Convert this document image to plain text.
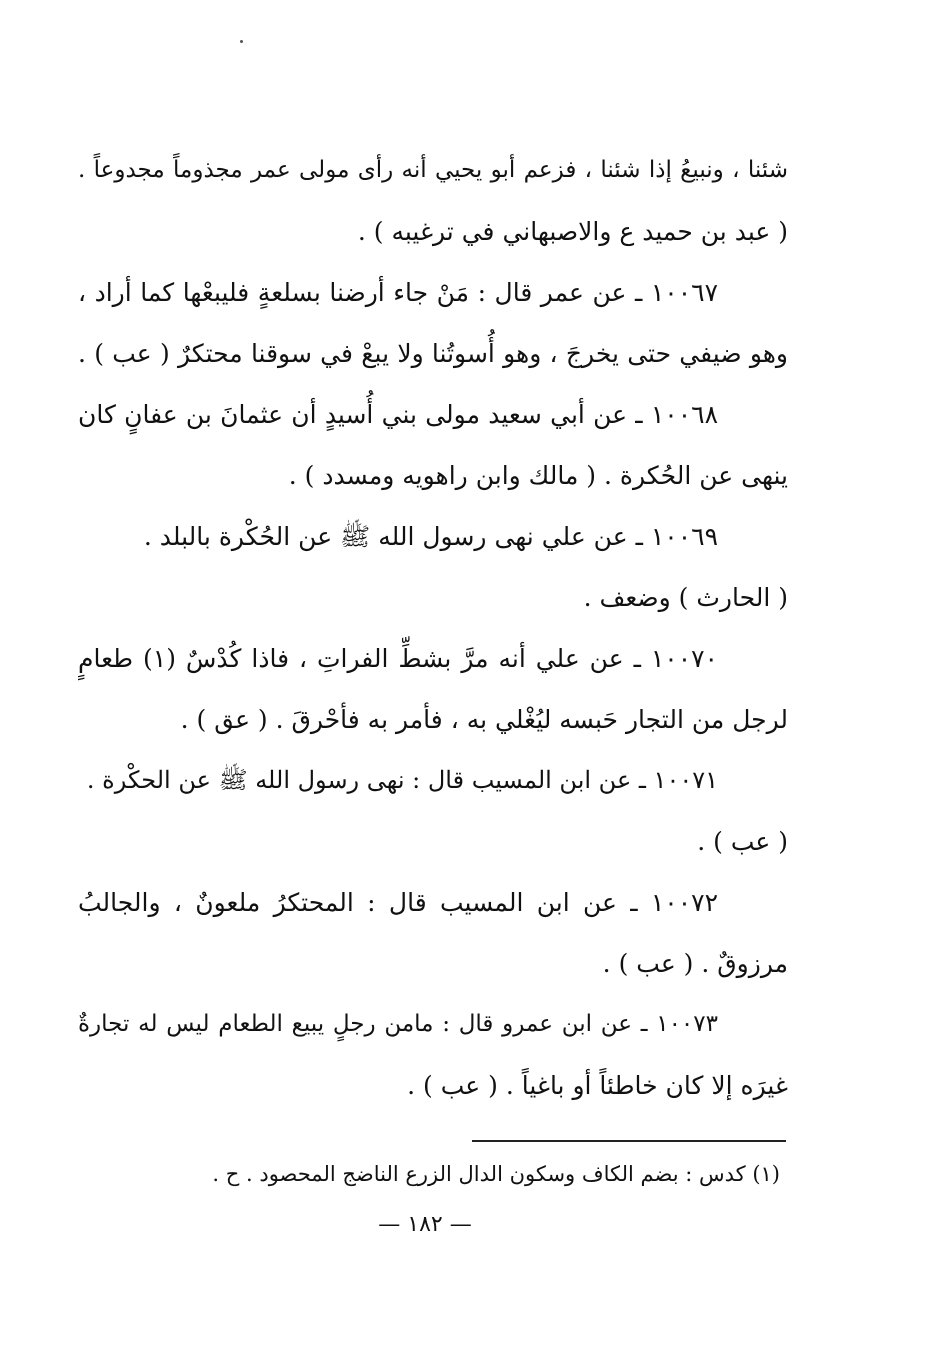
شئنا ، ونبيعُ إذا شئنا ، فزعم أبو يحيي أنه رأى مولى عمر مجذوماً مجدوعاً .
( عبد بن حميد ع والاصبهاني في ترغيبه ) .
١٠٠٦٧ ـ عن عمر قال : مَنْ جاء أرضنا بسلعةٍ فليبعْها كما أراد ،
وهو ضيفي حتى يخرجَ ، وهو أُسوتُنا ولا يبعْ في سوقنا محتكرٌ ( عب ) .
١٠٠٦٨ ـ عن أبي سعيد مولى بني أُسيدٍ أن عثمانَ بن عفانٍ كان
ينهى عن الحُكرة . ( مالك وابن راهويه ومسدد ) .
١٠٠٦٩ ـ عن علي نهى رسول الله ﷺ عن الحُكْرة بالبلد .
( الحارث ) وضعف .
١٠٠٧٠ ـ عن علي أنه مرَّ بشطِّ الفراتِ ، فاذا كُدْسٌ (١) طعامٍ
لرجل من التجار حَبسه ليُغْلي به ، فأمر به فأحْرقَ . ( عق ) .
١٠٠٧١ ـ عن ابن المسيب قال : نهى رسول الله ﷺ عن الحكْرة .
( عب ) .
١٠٠٧٢ ـ عن ابن المسيب قال : المحتكرُ ملعونٌ ، والجالبُ
مرزوقٌ . ( عب ) .
١٠٠٧٣ ـ عن ابن عمرو قال : مامن رجلٍ يبيع الطعام ليس له تجارةٌ
غيرَه إلا كان خاطئاً أو باغياً . ( عب ) .
(١) كدس : بضم الكاف وسكون الدال الزرع الناضج المحصود . ح .
— ١٨٢ —
